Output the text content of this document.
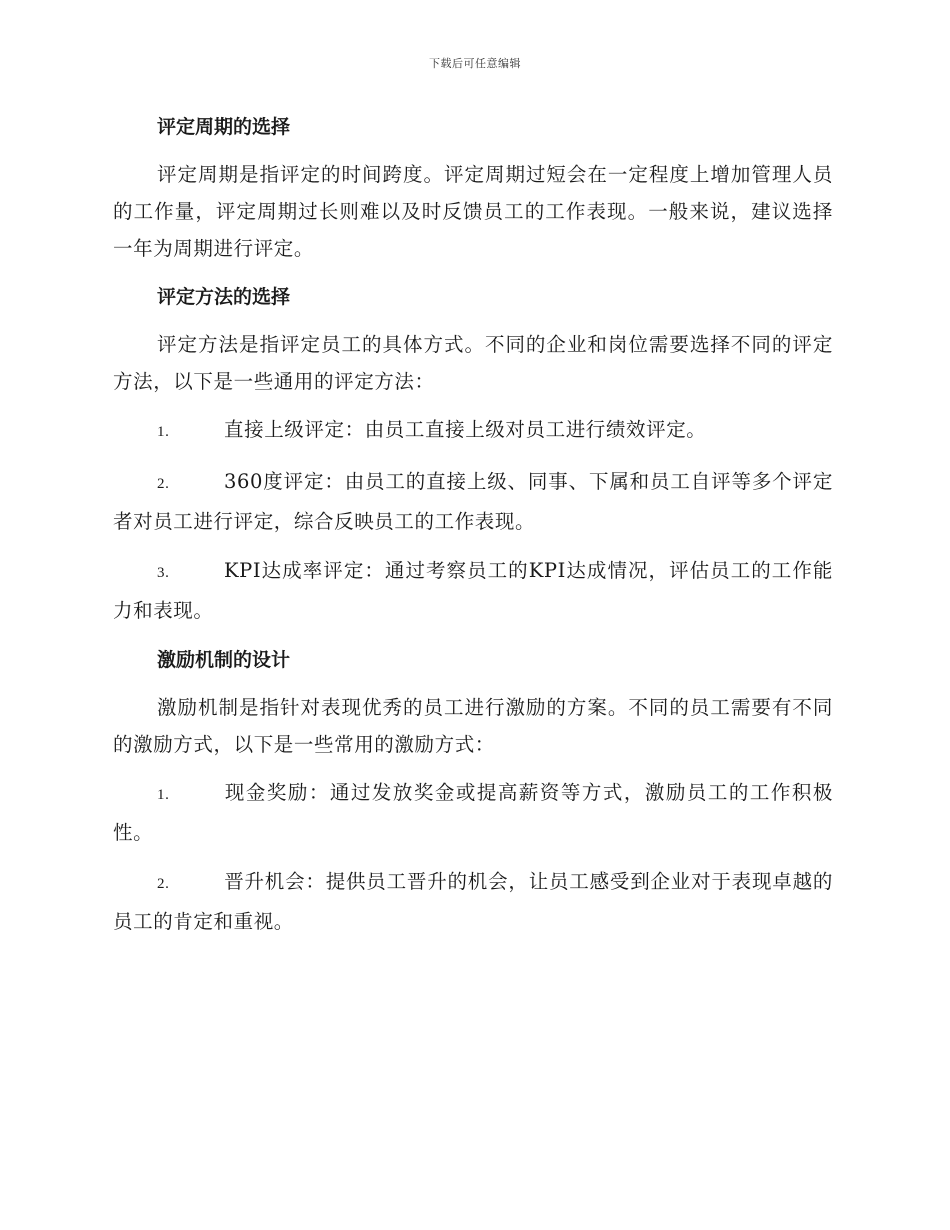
下载后可任意编辑
评定周期的选择

评定周期是指评定的时间跨度。评定周期过短会在一定程度上增加管理人员的工作量，评定周期过长则难以及时反馈员工的工作表现。一般来说，建议选择一年为周期进行评定。

评定方法的选择

评定方法是指评定员工的具体方式。不同的企业和岗位需要选择不同的评定方法，以下是一些通用的评定方法：

1.	直接上级评定：由员工直接上级对员工进行绩效评定。

2.	360度评定：由员工的直接上级、同事、下属和员工自评等多个评定者对员工进行评定，综合反映员工的工作表现。

3.	KPI达成率评定：通过考察员工的KPI达成情况，评估员工的工作能力和表现。

激励机制的设计

激励机制是指针对表现优秀的员工进行激励的方案。不同的员工需要有不同的激励方式，以下是一些常用的激励方式：

1.	现金奖励：通过发放奖金或提高薪资等方式，激励员工的工作积极性。

2.	晋升机会：提供员工晋升的机会，让员工感受到企业对于表现卓越的员工的肯定和重视。
